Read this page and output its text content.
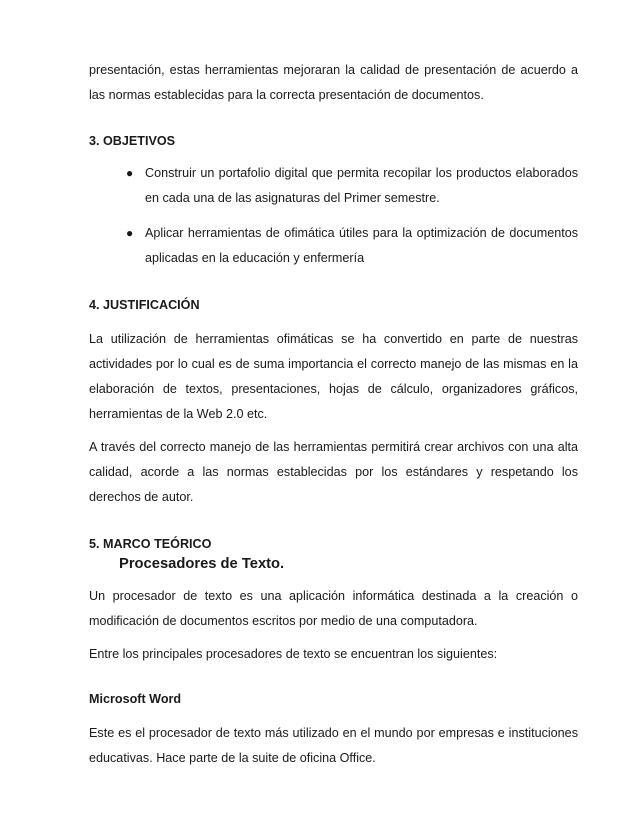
presentación, estas herramientas mejoraran la calidad de presentación de acuerdo a las normas establecidas para la correcta presentación de documentos.

3. OBJETIVOS
● Construir un portafolio digital que permita recopilar los productos elaborados en cada una de las asignaturas del Primer semestre.
● Aplicar herramientas de ofimática útiles para la optimización de documentos aplicadas en la educación y enfermería
4. JUSTIFICACIÓN

La utilización de herramientas ofimáticas se ha convertido en parte de nuestras actividades por lo cual es de suma importancia el correcto manejo de las mismas en la elaboración de textos, presentaciones, hojas de cálculo, organizadores gráficos, herramientas de la Web 2.0 etc.

A través del correcto manejo de las herramientas permitirá crear archivos con una alta calidad, acorde a las normas establecidas por los estándares y respetando los derechos de autor.

5. MARCO TEÓRICO
Procesadores de Texto.

Un procesador de texto es una aplicación informática destinada a la creación o modificación de documentos escritos por medio de una computadora.

Entre los principales procesadores de texto se encuentran los siguientes:

Microsoft Word

Este es el procesador de texto más utilizado en el mundo por empresas e instituciones educativas. Hace parte de la suite de oficina Office.
